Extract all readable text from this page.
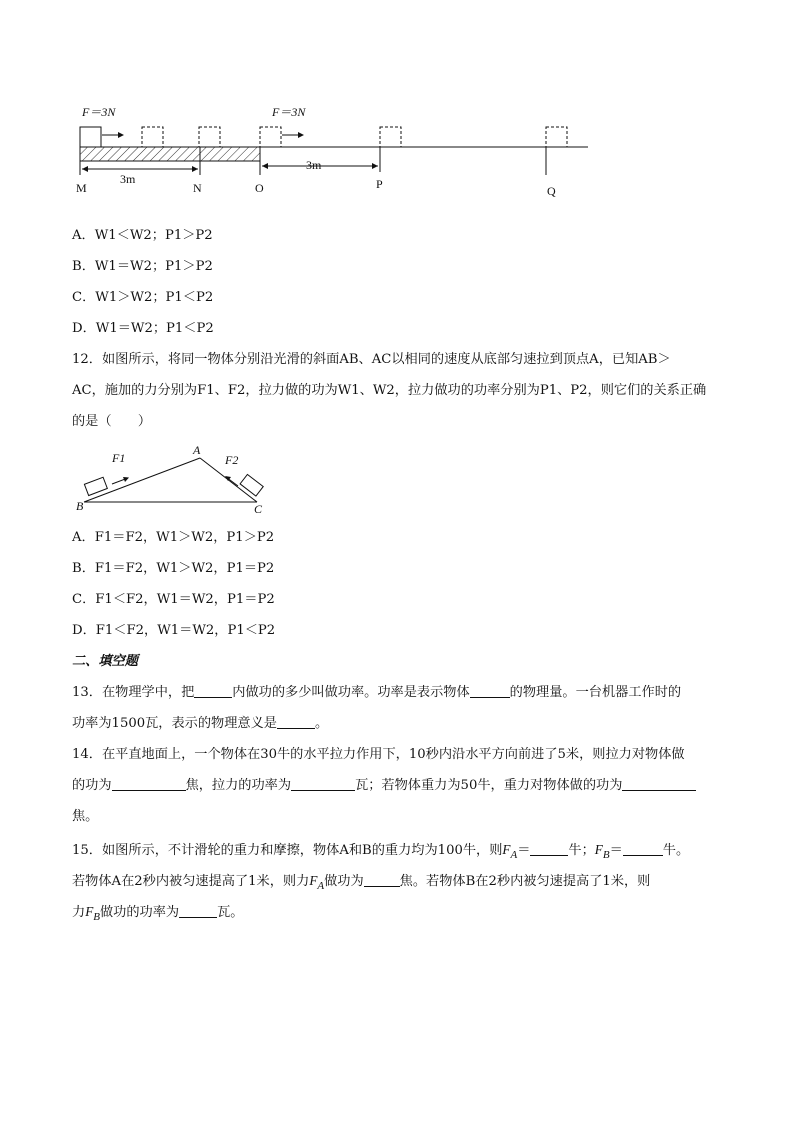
F＝3N	F＝3N
3m
3m
M	N	O	P	Q
A．W1＜W2；P1＞P2
B．W1＝W2；P1＞P2
C．W1＞W2；P1＜P2
D．W1＝W2；P1＜P2
12．如图所示，将同一物体分别沿光滑的斜面AB、AC以相同的速度从底部匀速拉到顶点A，已知AB＞
AC，施加的力分别为F1、F2，拉力做的功为W1、W2，拉力做功的功率分别为P1、P2，则它们的关系正确
的是（　　）
F1	F2
A
B	C
A．F1＝F2，W1＞W2，P1＞P2
B．F1＝F2，W1＞W2，P1＝P2
C．F1＜F2，W1＝W2，P1＝P2
D．F1＜F2，W1＝W2，P1＜P2
二、填空题
13．在物理学中，把	内做功的多少叫做功率。功率是表示物体	的物理量。一台机器工作时的
功率为1500瓦，表示的物理意义是	。
14．在平直地面上，一个物体在30牛的水平拉力作用下，10秒内沿水平方向前进了5米，则拉力对物体做
的功为	焦，拉力的功率为	瓦；若物体重力为50牛，重力对物体做的功为
焦。
15．如图所示，不计滑轮的重力和摩擦，物体A和B的重力均为100牛，则$F_A=$	牛；$F_B=$	牛。
若物体A在2秒内被匀速提高了1米，则力$F_A$做功为	焦。若物体B在2秒内被匀速提高了1米，则
力$F_B$做功的功率为	瓦。
